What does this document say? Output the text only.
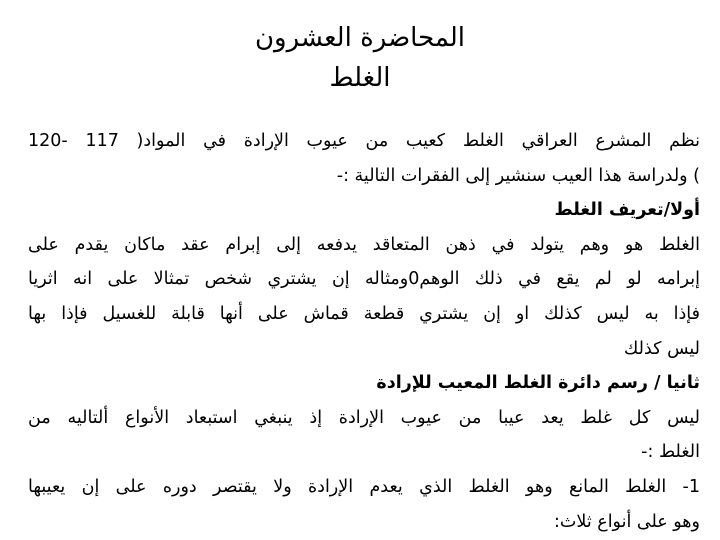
المحاضرة العشرون
الغلط
نظم المشرع العراقي الغلط كعيب من عيوب الإرادة في المواد( 117 -120
) ولدراسة هذا العيب سنشير إلى الفقرات التالية :-
أولا/تعريف الغلط
الغلط هو وهم يتولد في ذهن المتعاقد يدفعه إلى إبرام عقد ماكان يقدم على
إبرامه لو لم يقع في ذلك الوهم0ومثاله إن يشتري شخص تمثالا على انه اثريا
فإذا به ليس كذلك او إن يشتري قطعة قماش على أنها قابلة للغسيل فإذا بها
ليس كذلك
ثانيا / رسم دائرة الغلط المعيب للإرادة
ليس كل غلط يعد عيبا من عيوب الإرادة إذ ينبغي استبعاد الأنواع ألتاليه من
الغلط :-
1- الغلط المانع وهو الغلط الذي يعدم الإرادة ولا يقتصر دوره على إن يعيبها
وهو على أنواع ثلاث:
